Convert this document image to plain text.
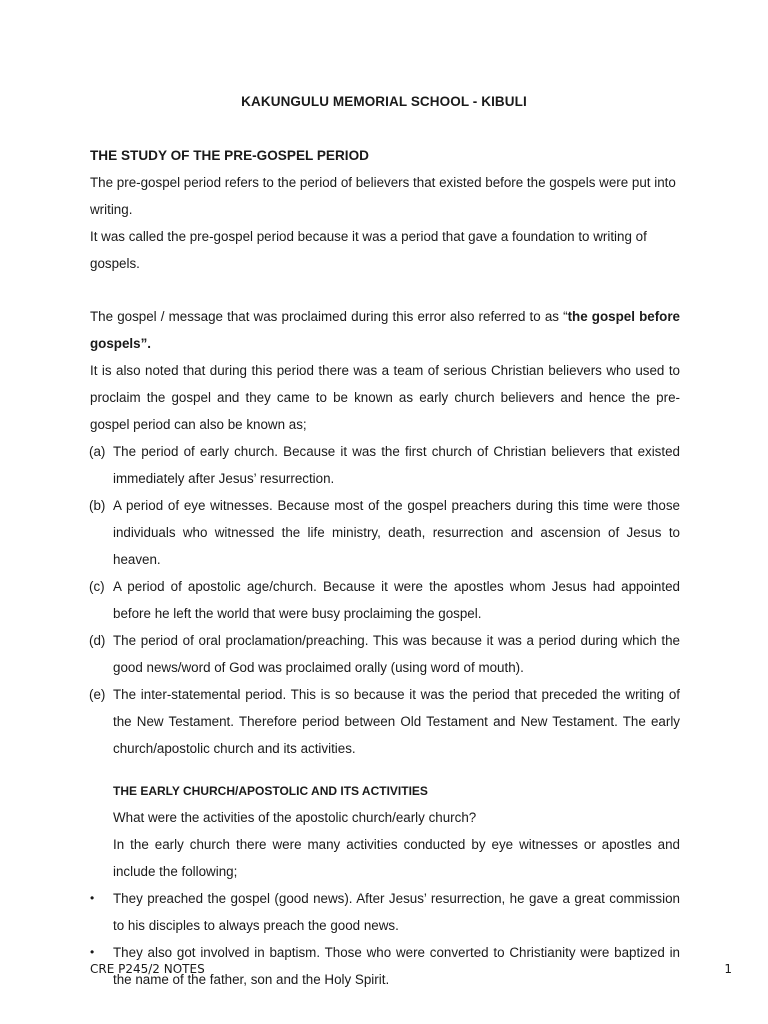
KAKUNGULU MEMORIAL SCHOOL - KIBULI
THE STUDY OF THE PRE-GOSPEL PERIOD

The pre-gospel period refers to the period of believers that existed before the gospels were put into writing.

It was called the pre-gospel period because it was a period that gave a foundation to writing of gospels.

The gospel / message that was proclaimed during this error also referred to as “the gospel before gospels”.

It is also noted that during this period there was a team of serious Christian believers who used to proclaim the gospel and they came to be known as early church believers and hence the pre-gospel period can also be known as;

(a) The period of early church. Because it was the first church of Christian believers that existed immediately after Jesus’ resurrection.
(b) A period of eye witnesses. Because most of the gospel preachers during this time were those individuals who witnessed the life ministry, death, resurrection and ascension of Jesus to heaven.
(c) A period of apostolic age/church. Because it were the apostles whom Jesus had appointed before he left the world that were busy proclaiming the gospel.
(d) The period of oral proclamation/preaching. This was because it was a period during which the good news/word of God was proclaimed orally (using word of mouth).
(e) The inter-statemental period. This is so because it was the period that preceded the writing of the New Testament. Therefore period between Old Testament and New Testament. The early church/apostolic church and its activities.
THE EARLY CHURCH/APOSTOLIC AND ITS ACTIVITIES

What were the activities of the apostolic church/early church?

In the early church there were many activities conducted by eye witnesses or apostles and include the following;

• They preached the gospel (good news). After Jesus’ resurrection, he gave a great commission to his disciples to always preach the good news.
• They also got involved in baptism. Those who were converted to Christianity were baptized in the name of the father, son and the Holy Spirit.
CRE P245/2 NOTES	1
